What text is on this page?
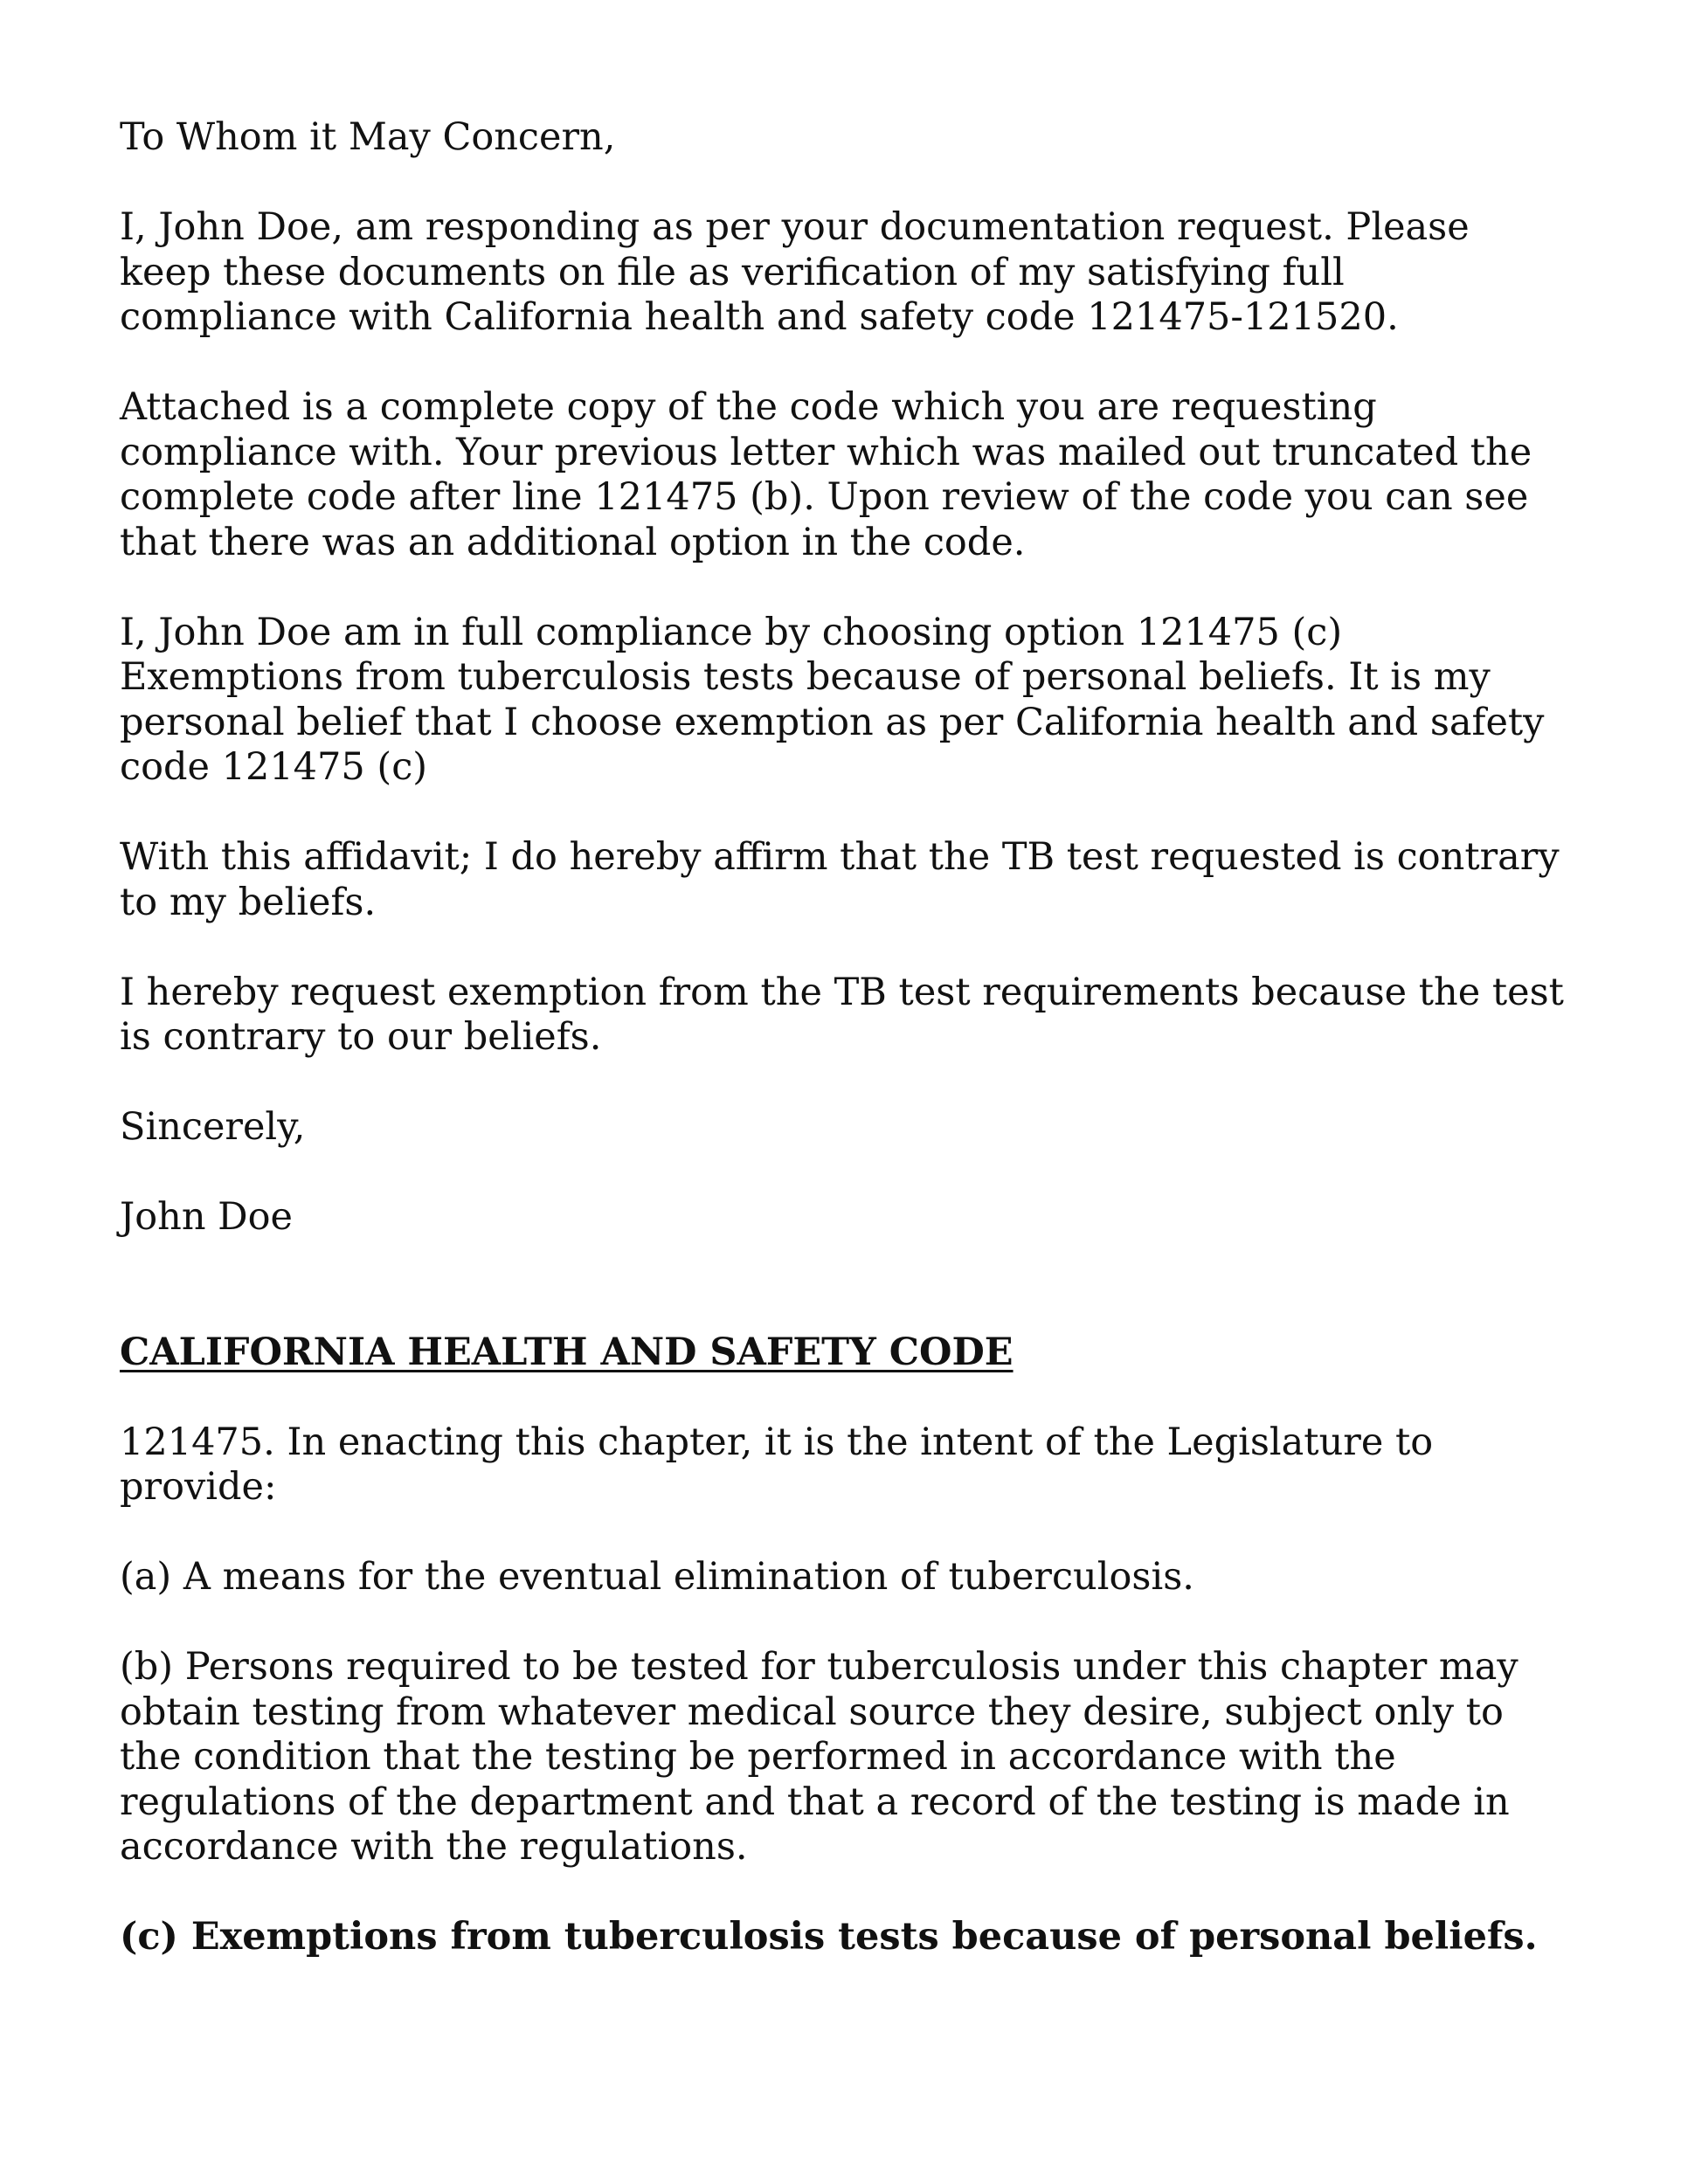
To Whom it May Concern,

I, John Doe, am responding as per your documentation request. Please keep these documents on file as verification of my satisfying full compliance with California health and safety code 121475-121520.

Attached is a complete copy of the code which you are requesting compliance with. Your previous letter which was mailed out truncated the complete code after line 121475 (b). Upon review of the code you can see that there was an additional option in the code.

I, John Doe am in full compliance by choosing option 121475 (c) Exemptions from tuberculosis tests because of personal beliefs. It is my personal belief that I choose exemption as per California health and safety code 121475 (c)

With this affidavit; I do hereby affirm that the TB test requested is contrary to my beliefs.

I hereby request exemption from the TB test requirements because the test is contrary to our beliefs.

Sincerely,

John Doe

CALIFORNIA HEALTH AND SAFETY CODE

121475. In enacting this chapter, it is the intent of the Legislature to provide:

(a) A means for the eventual elimination of tuberculosis.

(b) Persons required to be tested for tuberculosis under this chapter may obtain testing from whatever medical source they desire, subject only to the condition that the testing be performed in accordance with the regulations of the department and that a record of the testing is made in accordance with the regulations.

(c) Exemptions from tuberculosis tests because of personal beliefs.
